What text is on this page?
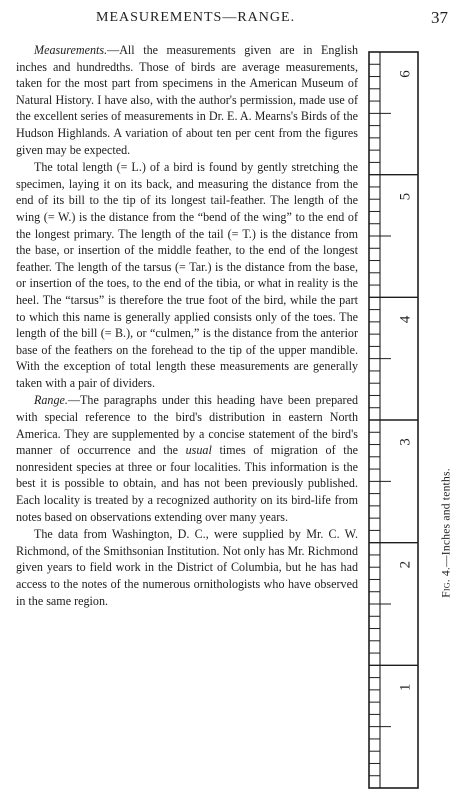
MEASUREMENTS—RANGE.	37

Measurements.—All the measurements given are in English inches and hundredths. Those of birds are average measurements, taken for the most part from specimens in the American Museum of Natural History. I have also, with the author's permission, made use of the excellent series of measurements in Dr. E. A. Mearns's Birds of the Hudson Highlands. A variation of about ten per cent from the figures given may be expected.

The total length (= L.) of a bird is found by gently stretching the specimen, laying it on its back, and measuring the distance from the end of its bill to the tip of its longest tail-feather. The length of the wing (= W.) is the distance from the “bend of the wing” to the end of the longest primary. The length of the tail (= T.) is the distance from the base, or insertion of the middle feather, to the end of the longest feather. The length of the tarsus (= Tar.) is the distance from the base, or insertion of the toes, to the end of the tibia, or what in reality is the heel. The “tarsus” is therefore the true foot of the bird, while the part to which this name is generally applied consists only of the toes. The length of the bill (= B.), or “culmen,” is the distance from the anterior base of the feathers on the forehead to the tip of the upper mandible. With the exception of total length these measurements are generally taken with a pair of dividers.

Range.—The paragraphs under this heading have been prepared with special reference to the bird's distribution in eastern North America. They are supplemented by a concise statement of the bird's manner of occurrence and the usual times of migration of the nonresident species at three or four localities. This information is the best it is possible to obtain, and has not been previously published. Each locality is treated by a recognized authority on its bird-life from notes based on observations extending over many years.

The data from Washington, D. C., were supplied by Mr. C. W. Richmond, of the Smithsonian Institution. Not only has Mr. Richmond given years to field work in the District of Columbia, but he has had access to the notes of the numerous ornithologists who have observed in the same region.

1
2
3
4
5
6
Fig. 4.—Inches and tenths.
